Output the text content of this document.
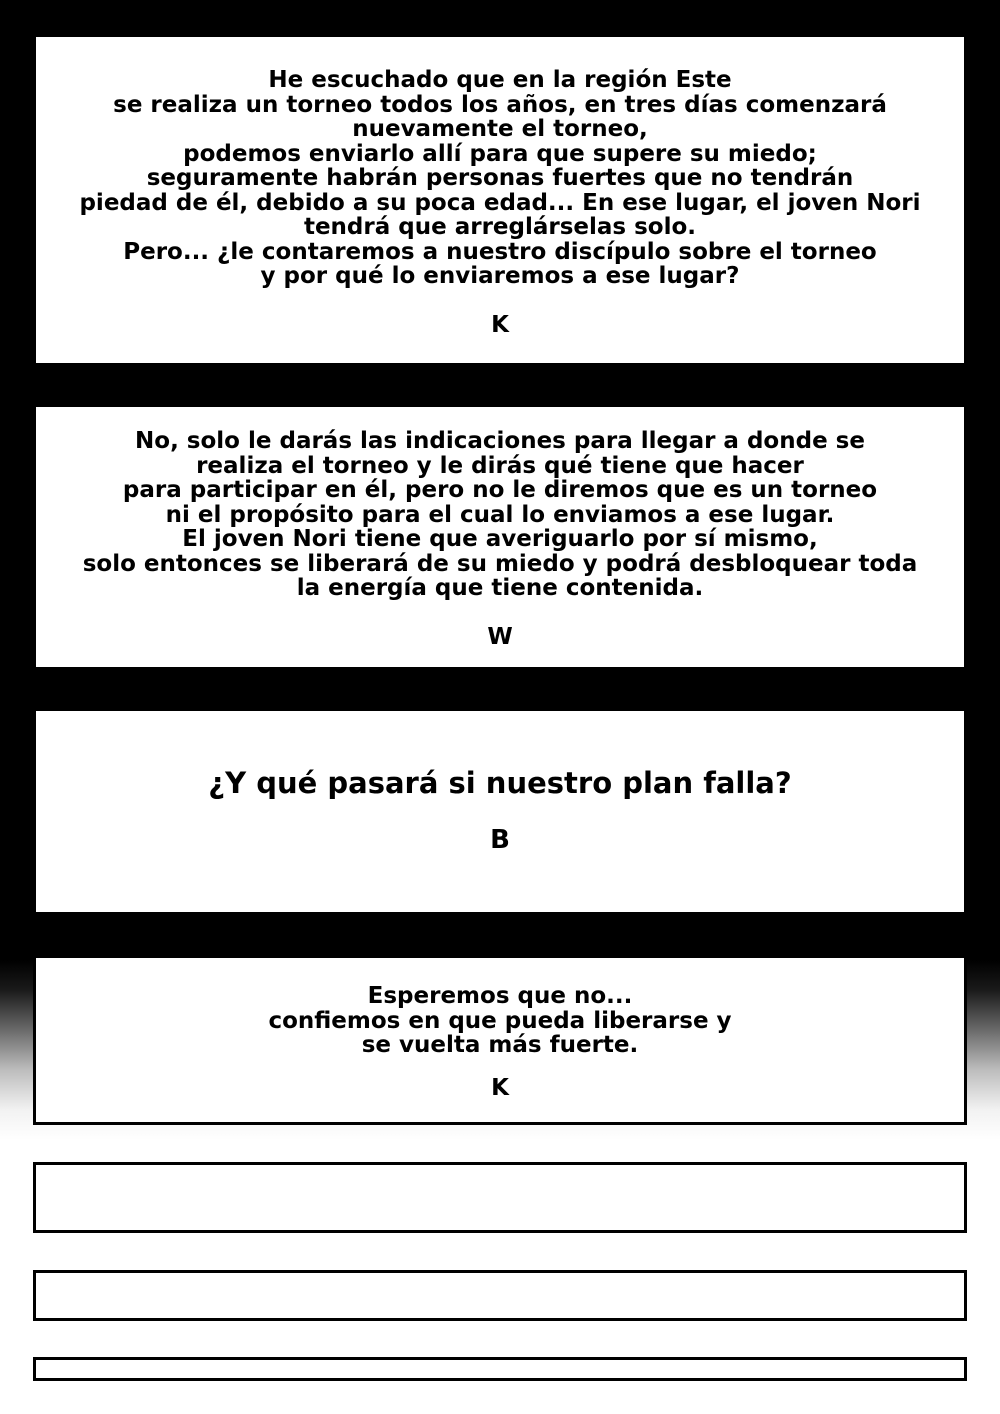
He escuchado que en la región Este
se realiza un torneo todos los años, en tres días comenzará
nuevamente el torneo,
podemos enviarlo allí para que supere su miedo;
seguramente habrán personas fuertes que no tendrán
piedad de él, debido a su poca edad... En ese lugar, el joven Nori
tendrá que arreglárselas solo.
Pero... ¿le contaremos a nuestro discípulo sobre el torneo
y por qué lo enviaremos a ese lugar?

K

No, solo le darás las indicaciones para llegar a donde se
realiza el torneo y le dirás qué tiene que hacer
para participar en él, pero no le diremos que es un torneo
ni el propósito para el cual lo enviamos a ese lugar.
El joven Nori tiene que averiguarlo por sí mismo,
solo entonces se liberará de su miedo y podrá desbloquear toda
la energía que tiene contenida.

W

¿Y qué pasará si nuestro plan falla?

B

Esperemos que no...
confiemos en que pueda liberarse y
se vuelta más fuerte.

K
